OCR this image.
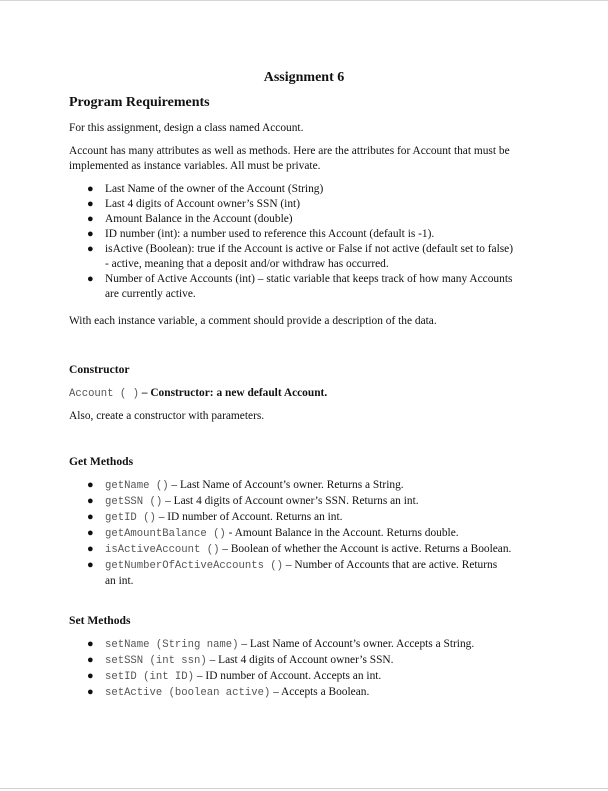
Assignment 6
Program Requirements

For this assignment, design a class named Account.

Account has many attributes as well as methods. Here are the attributes for Account that must be

implemented as instance variables. All must be private.

● Last Name of the owner of the Account (String)
● Last 4 digits of Account owner’s SSN (int)
● Amount Balance in the Account (double)
● ID number (int): a number used to reference this Account (default is -1).
● isActive (Boolean): true if the Account is active or False if not active (default set to false)
- active, meaning that a deposit and/or withdraw has occurred.
● Number of Active Accounts (int) – static variable that keeps track of how many Accounts
are currently active.

With each instance variable, a comment should provide a description of the data.

Constructor

Account ( ) – Constructor: a new default Account.

Also, create a constructor with parameters.

Get Methods
● getName () – Last Name of Account’s owner. Returns a String.
● getSSN () – Last 4 digits of Account owner’s SSN. Returns an int.
● getID () – ID number of Account. Returns an int.
● getAmountBalance () - Amount Balance in the Account. Returns double.
● isActiveAccount () – Boolean of whether the Account is active. Returns a Boolean.
● getNumberOfActiveAccounts () – Number of Accounts that are active. Returns
an int.
Set Methods
● setName (String name) – Last Name of Account’s owner. Accepts a String.
● setSSN (int ssn) – Last 4 digits of Account owner’s SSN.
● setID (int ID) – ID number of Account. Accepts an int.
● setActive (boolean active) – Accepts a Boolean.
